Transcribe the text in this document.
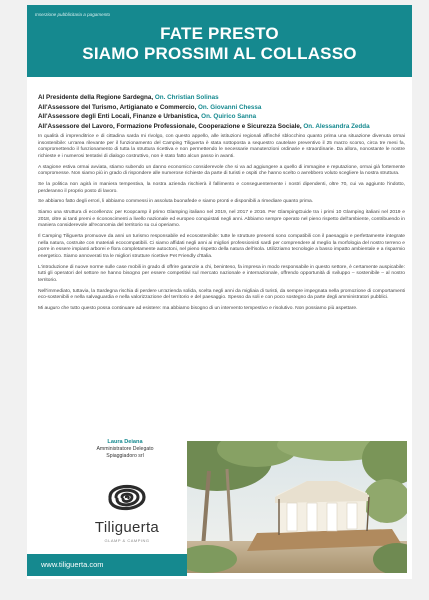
Inserzione pubblicitaria a pagamento
FATE PRESTO
SIAMO PROSSIMI AL COLLASSO
Al Presidente della Regione Sardegna, On. Christian Solinas
All'Assessore del Turismo, Artigianato e Commercio, On. Giovanni Chessa
All'Assessore degli Enti Locali, Finanze e Urbanistica, On. Quirico Sanna
All'Assessore del Lavoro, Formazione Professionale, Cooperazione e Sicurezza Sociale, On. Alessandra Zedda

In qualità di imprenditrice e di cittadina sarda mi rivolgo, con questo appello, alle istituzioni regionali affinché sblocchino quanto prima una situazione divenuta ormai insostenibile: un'area rilevante per il funzionamento del Camping Tiliguerta è stata sottoposta a sequestro cautelare preventivo il 25 marzo scorso, circa tre mesi fa, compromettendo il funzionamento di tutta la struttura ricettiva e non permettendo le necessarie manutenzioni ordinarie e straordinarie. Da allora, nonostante le nostre richieste e i numerosi tentativi di dialogo costruttivo, non è stato fatto alcun passo in avanti.

A stagione estiva ormai avviata, stiamo subendo un danno economico considerevole che si va ad aggiungere a quello di immagine e reputazione, ormai già fortemente compromesse. Non siamo più in grado di rispondere alle numerose richieste da parte di turisti e ospiti che hanno scelto o avrebbero voluto scegliere la nostra struttura.

Se la politica non agirà in maniera tempestiva, la nostra azienda rischierà il fallimento e conseguentemente i nostri dipendenti, oltre 70, cui va aggiunto l'indotto, perderanno il proprio posto di lavoro.

Se abbiamo fatto degli errori, li abbiamo commessi in assoluta buonafede e siamo pronti e disponibili a rimediare quanto prima.

Siamo una struttura di eccellenza: per Koopcamp il primo Glamping italiano nel 2019, nel 2017 e 2016. Per GlampingGuide tra i primi 10 Glamping italiani nel 2019 e 2018, oltre ai tanti premi e riconoscimenti a livello nazionale ed europeo conquistati negli anni. Abbiamo sempre operato nel pieno rispetto dell'ambiente, contribuendo in maniera considerevole all'economia del territorio su cui operiamo.

Il Camping Tiliguerta promuove da anni un turismo responsabile ed ecosostenibile: tutte le strutture presenti sono compatibili con il paesaggio e perfettamente integrate nella natura, costruite con materiali ecocompatibili. Ci siamo affidati negli anni ai migliori professionisti sardi per comprendere al meglio la morfologia del nostro terreno e porre in essere impianti arborei e flora completamente autoctoni, nel pieno rispetto della natura dell'isola. Utilizziamo tecnologie a basso impatto ambientale e a risparmio energetico. Siamo annoverati tra le migliori strutture ricettive Pet Friendly d'Italia.

L'introduzione di nuove norme sulle case mobili in grado di offrire garanzie a chi, beninteso, fa impresa in modo responsabile in questo settore, è certamente auspicabile: tutti gli operatori del settore ne hanno bisogno per essere competitivi sul mercato nazionale e internazionale, offrendo opportunità di sviluppo – sostenibile – al nostro territorio.

Nell'immediato, tuttavia, la Sardegna rischia di perdere un'azienda solida, scelta negli anni da migliaia di turisti, da sempre impegnata nella promozione di comportamenti eco-sostenibili e nella salvaguardia e nella valorizzazione del territorio e del paesaggio. Spesso da soli e con poco sostegno da parte degli amministratori pubblici.

Mi auguro che tutto questo possa continuare ad esistere: ma abbiamo bisogno di un intervento tempestivo e risolutivo. Non possiamo più aspettare.

Laura Deiana
Amministratore Delegato
Spiaggiadoro srl
Tiliguerta
GLAMP & CAMPING
www.tiliguerta.com
